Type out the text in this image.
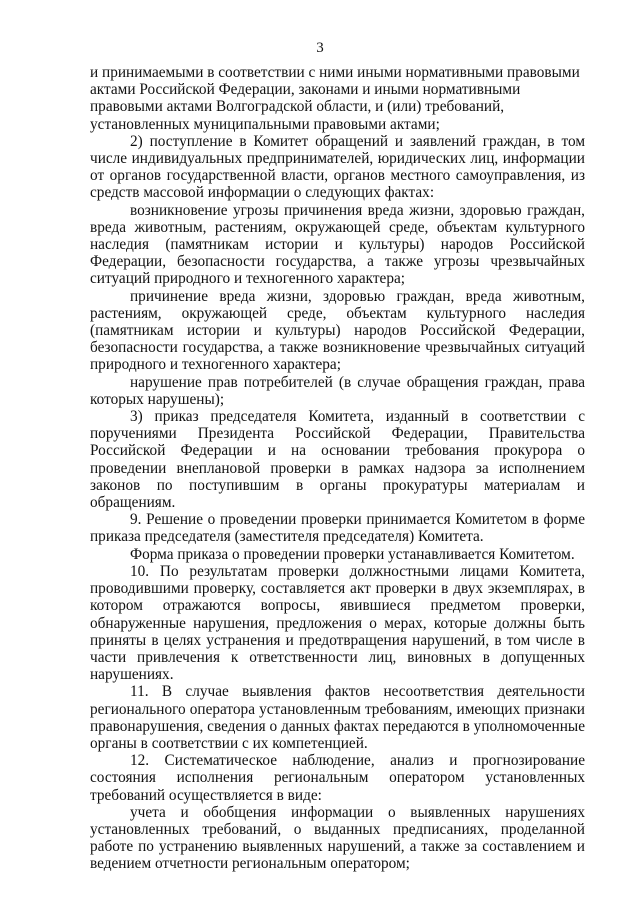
3

и принимаемыми в соответствии с ними иными нормативными правовыми актами Российской Федерации, законами и иными нормативными правовыми актами Волгоградской области, и (или) требований, установленных муниципальными правовыми актами;

2) поступление в Комитет обращений и заявлений граждан, в том числе индивидуальных предпринимателей, юридических лиц, информации от органов государственной власти, органов местного самоуправления, из средств массовой информации о следующих фактах:

возникновение угрозы причинения вреда жизни, здоровью граждан, вреда животным, растениям, окружающей среде, объектам культурного наследия (памятникам истории и культуры) народов Российской Федерации, безопасности государства, а также угрозы чрезвычайных ситуаций природного и техногенного характера;

причинение вреда жизни, здоровью граждан, вреда животным, растениям, окружающей среде, объектам культурного наследия (памятникам истории и культуры) народов Российской Федерации, безопасности государства, а также возникновение чрезвычайных ситуаций природного и техногенного характера;

нарушение прав потребителей (в случае обращения граждан, права которых нарушены);

3) приказ председателя Комитета, изданный в соответствии с поручениями Президента Российской Федерации, Правительства Российской Федерации и на основании требования прокурора о проведении внеплановой проверки в рамках надзора за исполнением законов по поступившим в органы прокуратуры материалам и обращениям.

9. Решение о проведении проверки принимается Комитетом в форме приказа председателя (заместителя председателя) Комитета.

Форма приказа о проведении проверки устанавливается Комитетом.

10. По результатам проверки должностными лицами Комитета, проводившими проверку, составляется акт проверки в двух экземплярах, в котором отражаются вопросы, явившиеся предметом проверки, обнаруженные нарушения, предложения о мерах, которые должны быть приняты в целях устранения и предотвращения нарушений, в том числе в части привлечения к ответственности лиц, виновных в допущенных нарушениях.

11. В случае выявления фактов несоответствия деятельности регионального оператора установленным требованиям, имеющих признаки правонарушения, сведения о данных фактах передаются в уполномоченные органы в соответствии с их компетенцией.

12. Систематическое наблюдение, анализ и прогнозирование состояния исполнения региональным оператором установленных требований осуществляется в виде:

учета и обобщения информации о выявленных нарушениях установленных требований, о выданных предписаниях, проделанной работе по устранению выявленных нарушений, а также за составлением и ведением отчетности региональным оператором;
